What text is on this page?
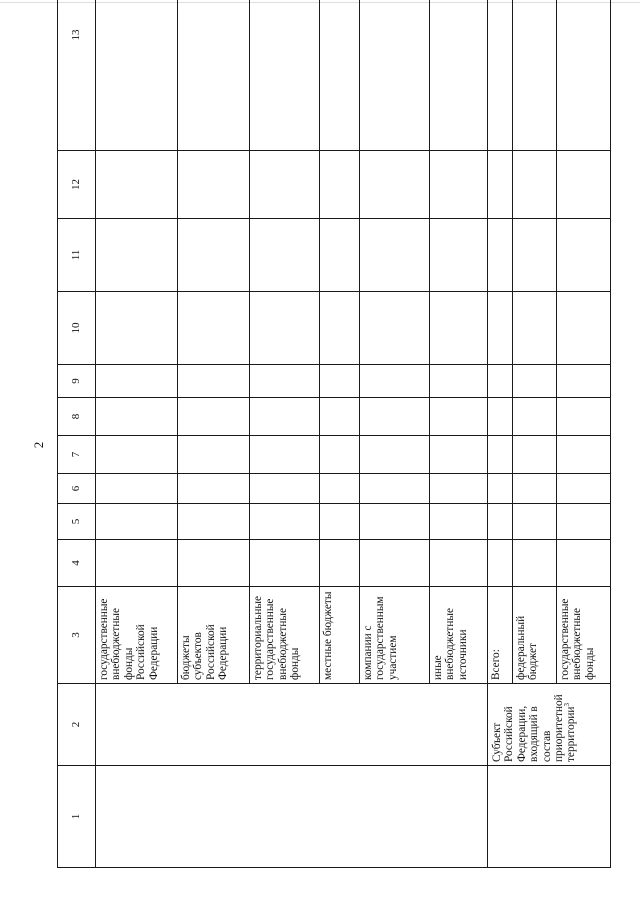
2
1	2	3	4	5	6	7	8	9	10	11	12	13
		государственные внебюджетные фонды Российской Федерации										
		бюджеты субъектов Российской Федерации										
		территориальные государственные внебюджетные фонды										
		местные бюджеты										
		компании с государственным участием										
		иные внебюджетные источники										
	Субъект Российской Федерации, входящий в состав приоритетной территории$^3$	Всего:										
		федеральный бюджет										
		государственные внебюджетные фонды										
